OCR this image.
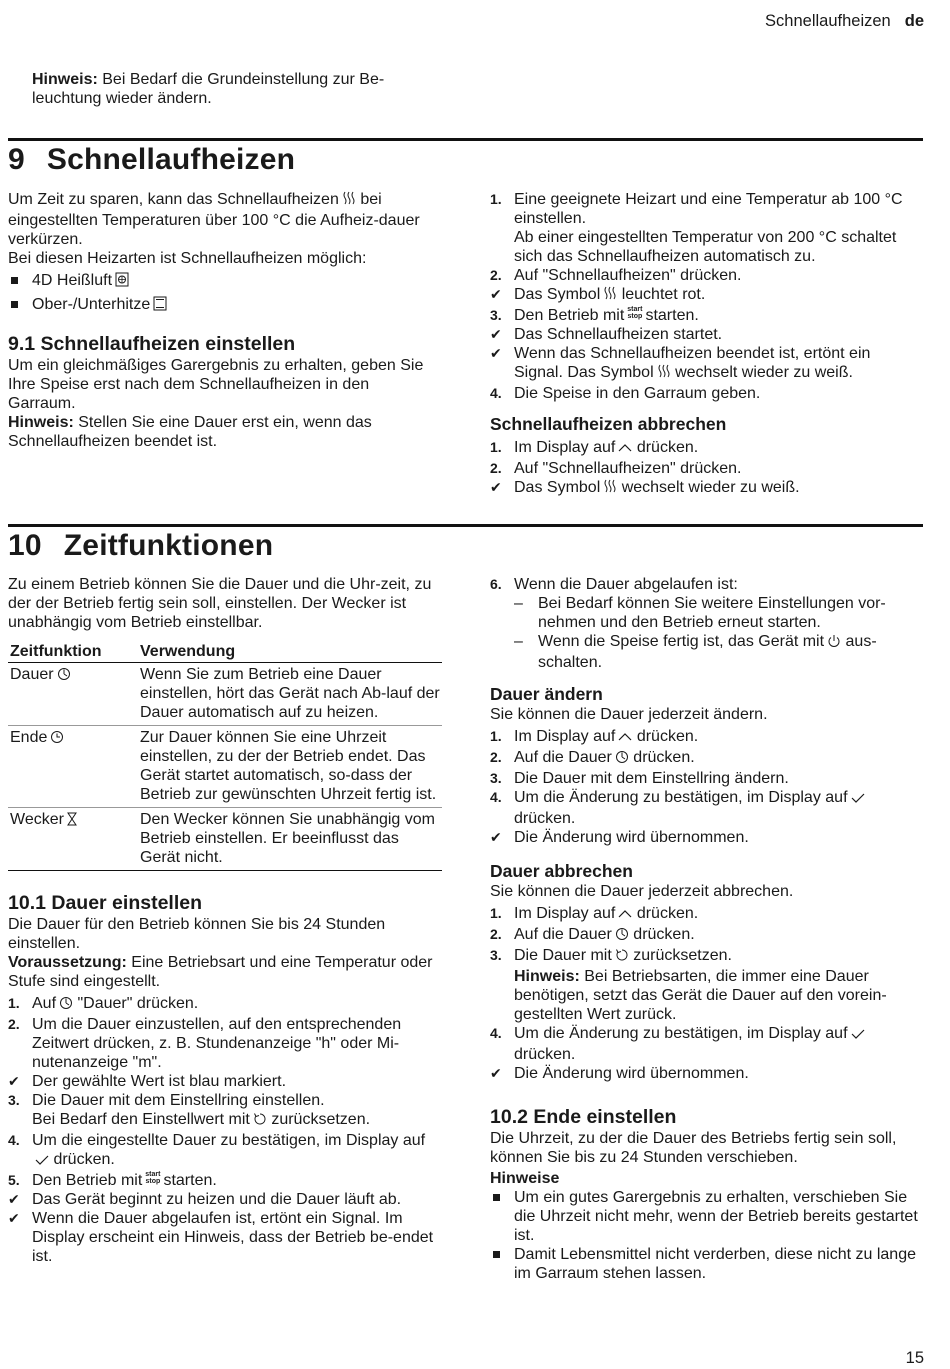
Schnellaufheizen de
Hinweis: Bei Bedarf die Grundeinstellung zur Be-leuchtung wieder ändern.
9 Schnellaufheizen

Um Zeit zu sparen, kann das Schnellaufheizen bei eingestellten Temperaturen über 100 °C die Aufheiz-dauer verkürzen.

Bei diesen Heizarten ist Schnellaufheizen möglich:

4D Heißluft
Ober-/Unterhitze
9.1 Schnellaufheizen einstellen

Um ein gleichmäßiges Garergebnis zu erhalten, geben Sie Ihre Speise erst nach dem Schnellaufheizen in den Garraum.

Hinweis: Stellen Sie eine Dauer erst ein, wenn das Schnellaufheizen beendet ist.

1. Eine geeignete Heizart und eine Temperatur ab 100 °C einstellen.
Ab einer eingestellten Temperatur von 200 °C schaltet sich das Schnellaufheizen automatisch zu.
2. Auf "Schnellaufheizen" drücken.
✔ Das Symbol leuchtet rot.
3. Den Betrieb mit start
stop starten.
✔ Das Schnellaufheizen startet.
✔ Wenn das Schnellaufheizen beendet ist, ertönt ein Signal. Das Symbol wechselt wieder zu weiß.
4. Die Speise in den Garraum geben.
Schnellaufheizen abbrechen
1. Im Display auf drücken.
2. Auf "Schnellaufheizen" drücken.
✔ Das Symbol wechselt wieder zu weiß.
10 Zeitfunktionen

Zu einem Betrieb können Sie die Dauer und die Uhr-zeit, zu der der Betrieb fertig sein soll, einstellen. Der Wecker ist unabhängig vom Betrieb einstellbar.

Zeitfunktion	Verwendung
Dauer	Wenn Sie zum Betrieb eine Dauer einstellen, hört das Gerät nach Ab-lauf der Dauer automatisch auf zu heizen.
Ende	Zur Dauer können Sie eine Uhrzeit einstellen, zu der der Betrieb endet. Das Gerät startet automatisch, so-dass der Betrieb zur gewünschten Uhrzeit fertig ist.
Wecker	Den Wecker können Sie unabhängig vom Betrieb einstellen. Er beeinflusst das Gerät nicht.
10.1 Dauer einstellen

Die Dauer für den Betrieb können Sie bis 24 Stunden einstellen.

Voraussetzung: Eine Betriebsart und eine Temperatur oder Stufe sind eingestellt.

1. Auf "Dauer" drücken.
2. Um die Dauer einzustellen, auf den entsprechenden Zeitwert drücken, z. B. Stundenanzeige "h" oder Mi-nutenanzeige "m".
✔ Der gewählte Wert ist blau markiert.
3. Die Dauer mit dem Einstellring einstellen.
Bei Bedarf den Einstellwert mit zurücksetzen.
4. Um die eingestellte Dauer zu bestätigen, im Display auf drücken.
5. Den Betrieb mit start
stop starten.
✔ Das Gerät beginnt zu heizen und die Dauer läuft ab.
✔ Wenn die Dauer abgelaufen ist, ertönt ein Signal. Im Display erscheint ein Hinweis, dass der Betrieb be-endet ist.
6. Wenn die Dauer abgelaufen ist:
– Bei Bedarf können Sie weitere Einstellungen vor-nehmen und den Betrieb erneut starten.
– Wenn die Speise fertig ist, das Gerät mit aus-schalten.
Dauer ändern

Sie können die Dauer jederzeit ändern.

1. Im Display auf drücken.
2. Auf die Dauer drücken.
3. Die Dauer mit dem Einstellring ändern.
4. Um die Änderung zu bestätigen, im Display auf drücken.
✔ Die Änderung wird übernommen.
Dauer abbrechen

Sie können die Dauer jederzeit abbrechen.

1. Im Display auf drücken.
2. Auf die Dauer drücken.
3. Die Dauer mit zurücksetzen.

Hinweis: Bei Betriebsarten, die immer eine Dauer benötigen, setzt das Gerät die Dauer auf den vorein-gestellten Wert zurück.

4. Um die Änderung zu bestätigen, im Display auf drücken.
✔ Die Änderung wird übernommen.
10.2 Ende einstellen

Die Uhrzeit, zu der die Dauer des Betriebs fertig sein soll, können Sie bis zu 24 Stunden verschieben.

Hinweise
Um ein gutes Garergebnis zu erhalten, verschieben Sie die Uhrzeit nicht mehr, wenn der Betrieb bereits gestartet ist.
Damit Lebensmittel nicht verderben, diese nicht zu lange im Garraum stehen lassen.
15
